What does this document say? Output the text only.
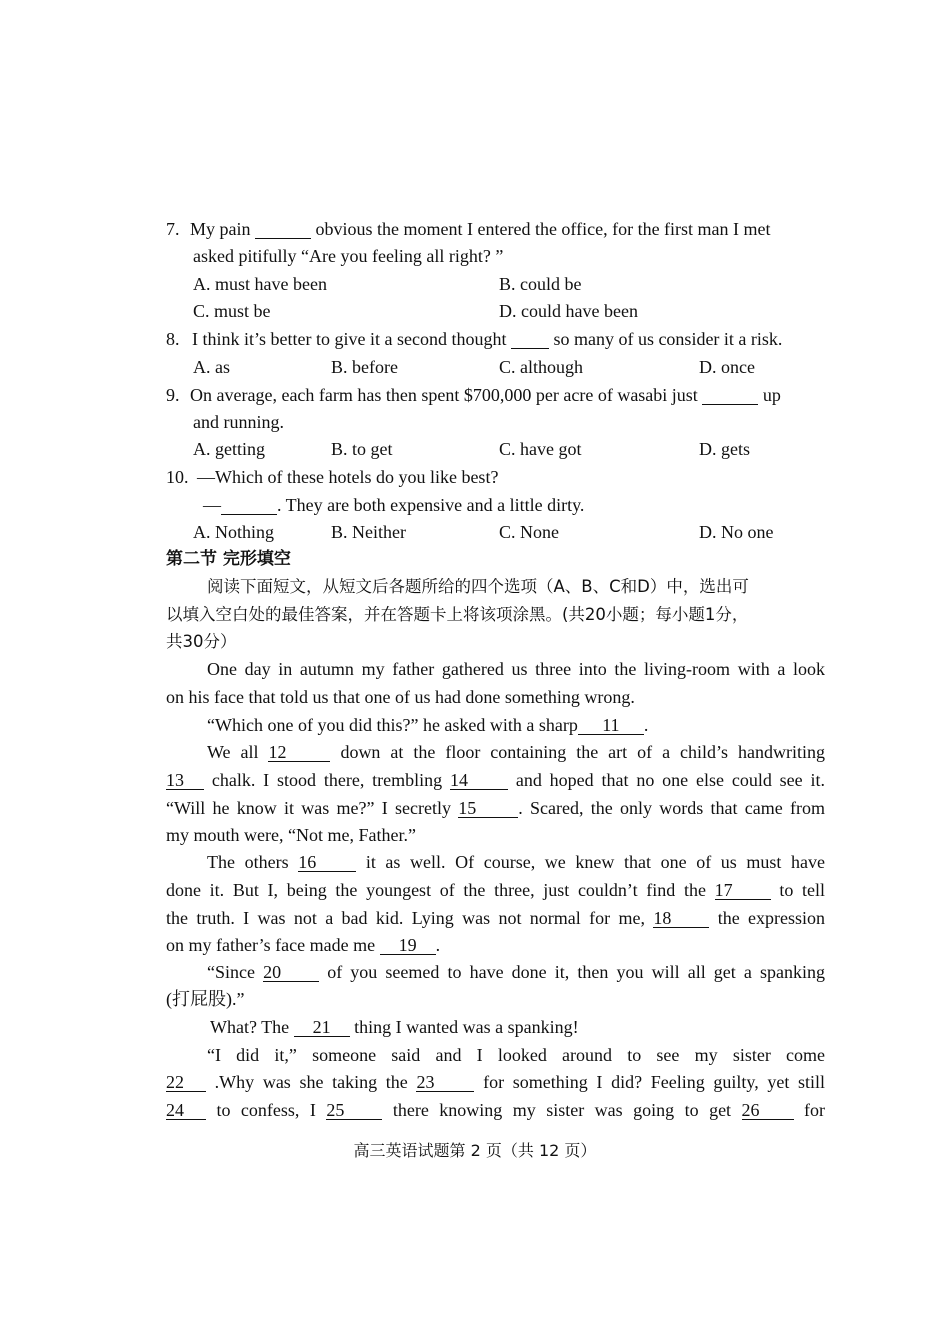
7. My pain	obvious the moment I entered the office, for the first man I met
asked pitifully “Are you feeling all right? ”
A. must have been	B. could be
C. must be	D. could have been
8. I think it’s better to give it a second thought	so many of us consider it a risk.
A. as	B. before	C. although	D. once
9. On average, each farm has then spent $700,000 per acre of wasabi just	up
and running.
A. getting	B. to get	C. have got	D. gets
10. —Which of these hotels do you like best?
—	. They are both expensive and a little dirty.
A. Nothing	B. Neither	C. None	D. No one
第二节 完形填空
阅读下面短文，从短文后各题所给的四个选项（A、B、C和D）中，选出可
以填入空白处的最佳答案，并在答题卡上将该项涂黑。(共20小题；每小题1分，
共30分）
One day in autumn my father gathered us three into the living-room with a look
on his face that told us that one of us had done something wrong.
“Which one of you did this?” he asked with a sharp 11 .
We all 12	down at the floor containing the art of a child’s handwriting
13 chalk. I stood there, trembling 14	and hoped that no one else could see it.
“Will he know it was me?” I secretly 15 . Scared, the only words that came from
my mouth were, “Not me, Father.”
The others 16	it as well. Of course, we knew that one of us must have
done it. But I, being the youngest of the three, just couldn’t find the 17	to tell
the truth. I was not a bad kid. Lying was not normal for me, 18	the expression
on my father’s face made me 19 .
“Since 20	of you seemed to have done it, then you will all get a spanking
(打屁股).”
What? The 21 thing I wanted was a spanking!
“I did it,” someone said and I looked around to see my sister come
22 .Why was she taking the 23	for something I did? Feeling guilty, yet still
24 to confess, I 25	there knowing my sister was going to get 26 for
高三英语试题第 2 页（共 12 页）
